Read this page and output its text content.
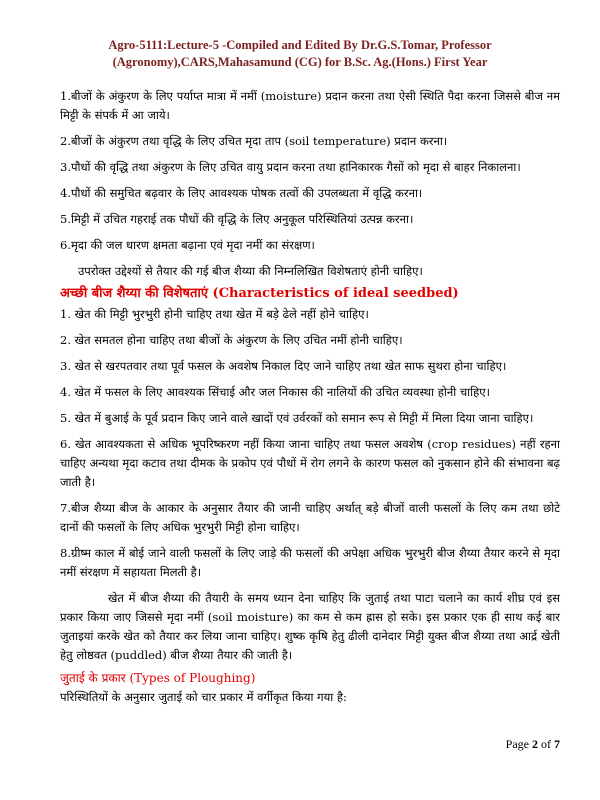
Agro-5111:Lecture-5 -Compiled and Edited By Dr.G.S.Tomar, Professor
(Agronomy),CARS,Mahasamund (CG) for B.Sc. Ag.(Hons.) First Year

1.बीजों के अंकुरण के लिए पर्याप्त मात्रा में नमीं (moisture) प्रदान करना तथा ऐसी स्थिति पैदा करना जिससे बीज नम मिट्टी के संपर्क में आ जाये।

2.बीजों के अंकुरण तथा वृद्धि के लिए उचित मृदा ताप (soil temperature) प्रदान करना।

3.पौधों की वृद्धि तथा अंकुरण के लिए उचित वायु प्रदान करना तथा हानिकारक गैसों को मृदा से बाहर निकालना।

4.पौधों की समुचित बढ़वार के लिए आवश्यक पोषक तत्वों की उपलब्धता में वृद्धि करना।

5.मिट्टी में उचित गहराई तक पौधों की वृद्धि के लिए अनुकूल परिस्थितियां उत्पन्न करना।

6.मृदा की जल धारण क्षमता बढ़ाना एवं मृदा नमीं का संरक्षण।

उपरोक्त उद्देश्यों से तैयार की गई बीज शैय्या की निम्नलिखित विशेषताएं होनी चाहिए।

अच्छी बीज शैय्या की विशेषताएं (Characteristics of ideal seedbed)

1. खेत की मिट्टी भुरभुरी होनी चाहिए तथा खेत में बड़े ढेले नहीं होने चाहिए।

2. खेत समतल होना चाहिए तथा बीजों के अंकुरण के लिए उचित नमीं होनी चाहिए।

3. खेत से खरपतवार तथा पूर्व फसल के अवशेष निकाल दिए जाने चाहिए तथा खेत साफ सुथरा होना चाहिए।

4. खेत में फसल के लिए आवश्यक सिंचाई और जल निकास की नालियों की उचित व्यवस्था होनी चाहिए।

5. खेत में बुआई के पूर्व प्रदान किए जाने वाले खादों एवं उर्वरकों को समान रूप से मिट्टी में मिला दिया जाना चाहिए।

6. खेत आवश्यकता से अधिक भूपरिष्करण नहीं किया जाना चाहिए तथा फसल अवशेष (crop residues) नहीं रहना चाहिए अन्यथा मृदा कटाव तथा दीमक के प्रकोप एवं पौधों में रोग लगने के कारण फसल को नुकसान होने की संभावना बढ़ जाती है।

7.बीज शैय्या बीज के आकार के अनुसार तैयार की जानी चाहिए अर्थात् बड़े बीजों वाली फसलों के लिए कम तथा छोटे दानों की फसलों के लिए अधिक भुरभुरी मिट्टी होना चाहिए।

8.ग्रीष्म काल में बोई जाने वाली फसलों के लिए जाड़े की फसलों की अपेक्षा अधिक भुरभुरी बीज शैय्या तैयार करने से मृदा नमीं संरक्षण में सहायता मिलती है।

खेत में बीज शैय्या की तैयारी के समय ध्यान देना चाहिए कि जुताई तथा पाटा चलाने का कार्य शीघ्र एवं इस प्रकार किया जाए जिससे मृदा नमीं (soil moisture) का कम से कम ह्रास हो सके। इस प्रकार एक ही साथ कई बार जुताइयां करके खेत को तैयार कर लिया जाना चाहिए। शुष्क कृषि हेतु ढीली दानेदार मिट्टी युक्त बीज शैय्या तथा आर्द्र खेती हेतु लोष्ठवत (puddled) बीज शैय्या तैयार की जाती है।

जुताई के प्रकार (Types of Ploughing)

परिस्थितियों के अनुसार जुताई को चार प्रकार में वर्गीकृत किया गया है:

Page 2 of 7
